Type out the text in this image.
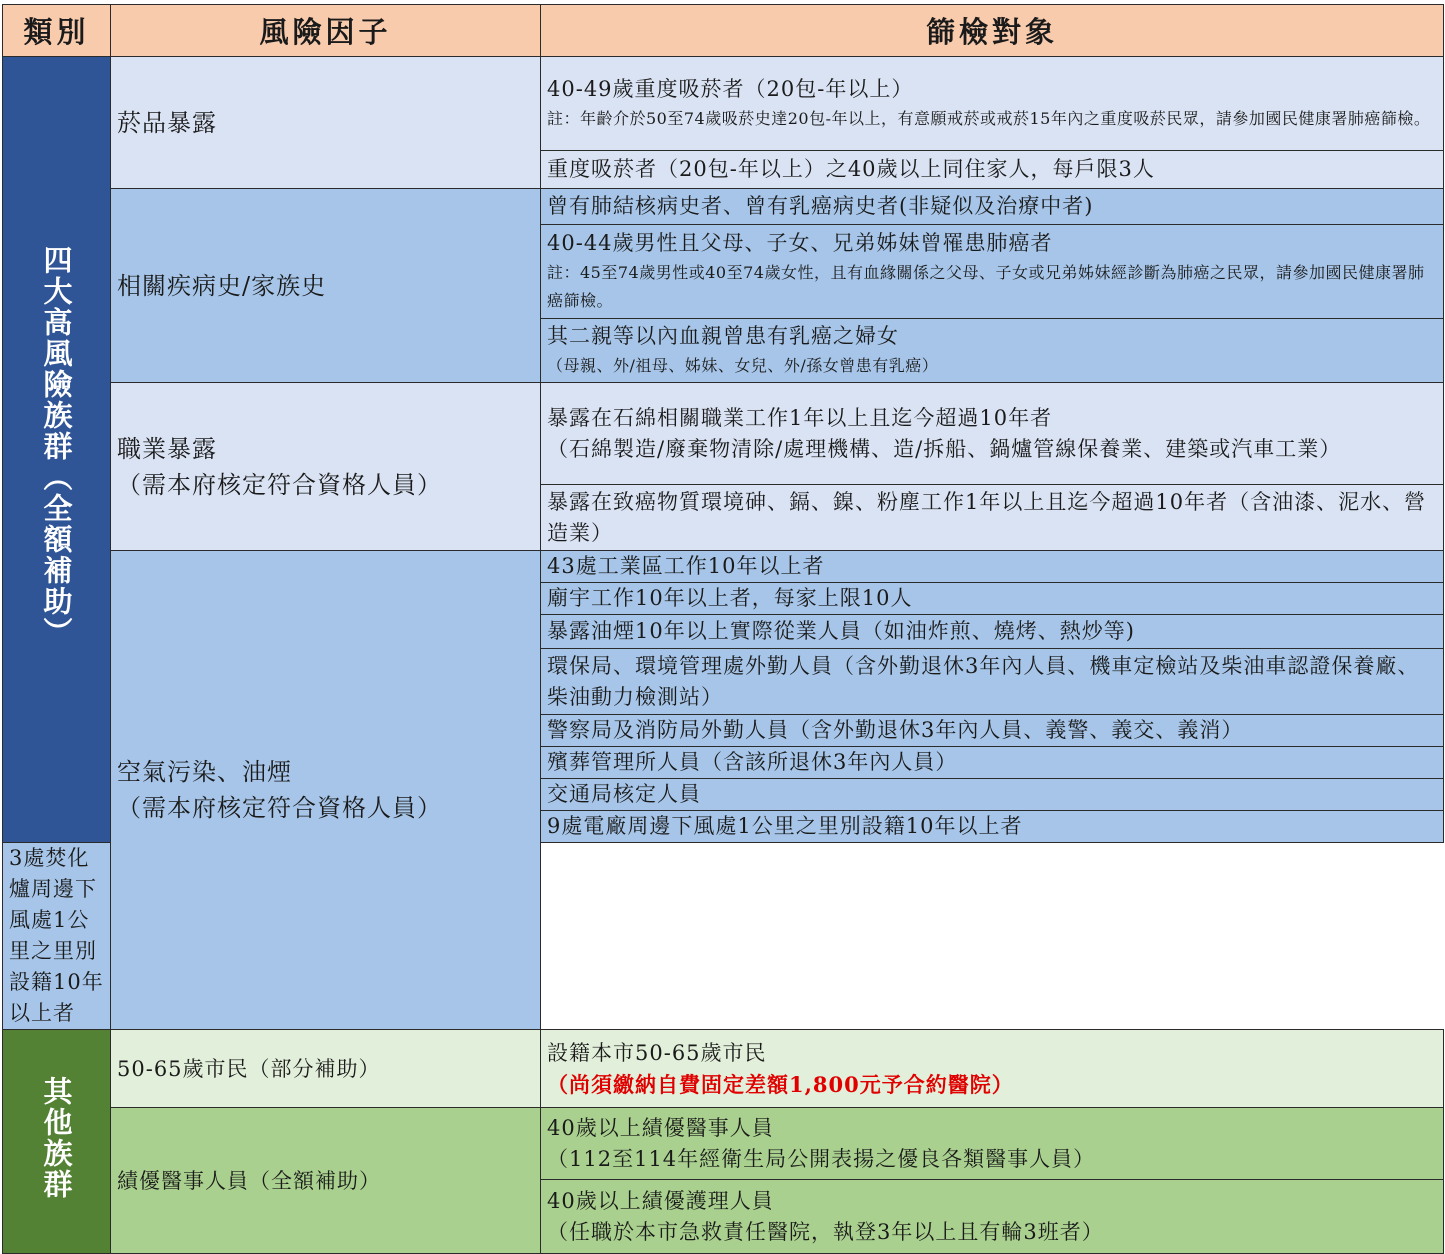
類別	風險因子	篩檢對象
四大高風險族群（全額補助）	菸品暴露	40-49歲重度吸菸者（20包-年以上）
註：年齡介於50至74歲吸菸史達20包-年以上，有意願戒菸或戒菸15年內之重度吸菸民眾，請參加國民健康署肺癌篩檢。

		重度吸菸者（20包-年以上）之40歲以上同住家人，每戶限3人
	相關疾病史/家族史	曾有肺結核病史者、曾有乳癌病史者(非疑似及治療中者)

		40-44歲男性且父母、子女、兄弟姊妹曾罹患肺癌者
註：45至74歲男性或40至74歲女性，且有血緣關係之父母、子女或兄弟姊妹經診斷為肺癌之民眾，請參加國民健康署肺癌篩檢。

		其二親等以內血親曾患有乳癌之婦女
（母親、外/祖母、姊妹、女兒、外/孫女曾患有乳癌）

	職業暴露
（需本府核定符合資格人員）	暴露在石綿相關職業工作1年以上且迄今超過10年者
（石綿製造/廢棄物清除/處理機構、造/拆船、鍋爐管線保養業、建築或汽車工業）

		暴露在致癌物質環境砷、鎘、鎳、粉塵工作1年以上且迄今超過10年者（含油漆、泥水、營造業）

	空氣污染、油煙
（需本府核定符合資格人員）	43處工業區工作10年以上者
		廟宇工作10年以上者，每家上限10人
		暴露油煙10年以上實際從業人員（如油炸煎、燒烤、熱炒等)
		環保局、環境管理處外勤人員（含外勤退休3年內人員、機車定檢站及柴油車認證保養廠、柴油動力檢測站）
		警察局及消防局外勤人員（含外勤退休3年內人員、義警、義交、義消）
		殯葬管理所人員（含該所退休3年內人員）
		交通局核定人員
		9處電廠周邊下風處1公里之里別設籍10年以上者
3處焚化爐周邊下風處1公里之里別設籍10年以上者		
其他族群	50-65歲市民（部分補助）	設籍本市50-65歲市民
（尚須繳納自費固定差額1,800元予合約醫院）

	績優醫事人員（全額補助）	40歲以上績優醫事人員
（112至114年經衛生局公開表揚之優良各類醫事人員）

		40歲以上績優護理人員
（任職於本市急救責任醫院，執登3年以上且有輪3班者）
